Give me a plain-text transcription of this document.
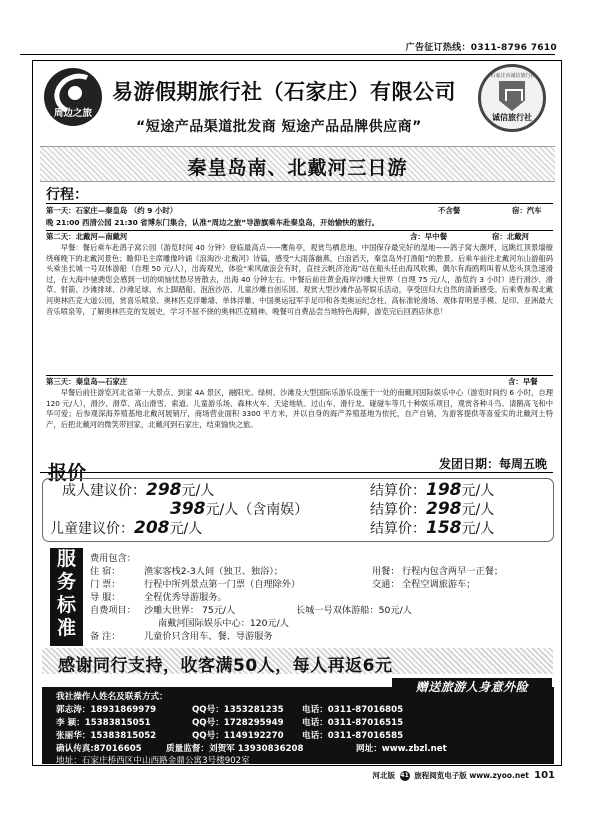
广告征订热线：0311-8796 7610
周边之旅
易游假期旅行社（石家庄）有限公司
“短途产品渠道批发商 短途产品品牌供应商”
石家庄市诚信旅行社
诚信旅行社
秦皇岛南、北戴河三日游
行程：
第一天：石家庄—秦皇岛 （约 9 小时）	不含餐	宿：汽车
晚 21:00 西清公园 21:30 省博东门集合，认准“周边之旅”导游旗乘车赴秦皇岛，开始愉快的旅行。
第二天：北戴河—南戴河	含：早中餐	宿：北戴河
早餐：餐后乘车赴鸽子窝公园（游览时间 40 分钟）登临最高点——鹰角亭，观赏鸟栖息地、中国保存最完好的湿地——鸽子窝大潮坪，远眺红顶景墙缭绕雍晚下的北戴河景色；瞻仰毛主席雕像吟诵《浪淘沙·北戴河》诗篇，感受“大雨落幽燕，白浪滔天，秦皇岛外打渔船”的胜景。后乘车前往北戴河东山游船码头乘坐长城一号双体游船（自理 50 元/人），出海观光，体验“乘风破浪会有时，直挂云帆济沧海”站在船头任由海风吹拂，偶尔有海鸥鸣叫着从您头顶急速滑过，在大海中驰骋您会感到一切的烦恼忧愁尽皆散去，出海 40 分钟左右。中餐后前往黄金海岸沙雕大世界（自理 75 元/人，游览约 3 小时）进行滑沙、滑草、射箭、沙滩排球、沙滩足球、水上脚踏船、泡泡沙浴、儿童沙雕自创乐园、观赏大型沙滩作品等娱乐活动，享受回归大自然的清新感受。后乘费参观北戴河奥林匹克大道公园，赏喜乐喷泉、奥林匹克浮雕墙、单体浮雕、中国奥运冠军手足印和各类奥运纪念柱、高标准轮滑场、观体育明星手模、足印、亚洲最大音乐喷泉等，了解奥林匹克的发展史，学习不屈不挠的奥林匹克精神。晚餐可自费品尝当地特色海鲜，游览完后回酒店休息！
第三天：秦皇岛—石家庄	含：早餐
早餐后前往游览河北省第一大景点、到家 4A 景区，融阳光、绿树、沙滩及大型国际乐游乐设施于一处的南戴河国际娱乐中心（游览时间约 6 小时，自理 120 元/人），滑沙、滑草、高山滑雪、索道、儿童游乐场、森林火车、天途地轨、过山车、滑行龙、碰碰车等几十种娱乐项目，观赏各种斗鸟、请鹅高飞和中华可爱；后参观深海养殖基地北戴河展销厅，商场营业面积 3300 平方米，并以自身的海产养殖基地为依托，自产自销，为游客提供等喜爱实的北戴河土特产，后把北戴河的微笑带回家，北戴河到石家庄，结束愉快之旅。
报价	发团日期：每周五晚
成人建议价：298元/人	结算价：198元/人
398元/人（含南娱）	结算价：298元/人
儿童建议价：208元/人	结算价：158元/人
服
务
标
准
费用包含：
住 宿：	渔家客栈2-3人间（独卫、独浴）；	用餐： 行程内包含两早一正餐；
门 票：	行程中所列景点第一门票（自理除外）	交通： 全程空调旅游车；
导 服：	全程优秀导游服务。
自费项目： 沙雕大世界： 75元/人	长城一号双体游船：50元/人
南戴河国际娱乐中心：120元/人
备 注：	儿童价只含用车、餐、导游服务
感谢同行支持，收客满50人，每人再返6元
赠送旅游人身意外险
我社操作人姓名及联系方式：
郭志涛：18931869979	QQ号：1353281235 电话：0311-87016805
李 颖：15383815051	QQ号：1728295949 电话：0311-87016515
张丽华：15383815052	QQ号：1149192270 电话：0311-87016585
确认传真:87016605	质量监督：刘贺军 13930836208	网址：www.zbzl.net
地址：石家庄桥西区中山西路金鼎公寓3号楼902室
河北版 41 旅程阅览电子版 www.zyoo.net 101
